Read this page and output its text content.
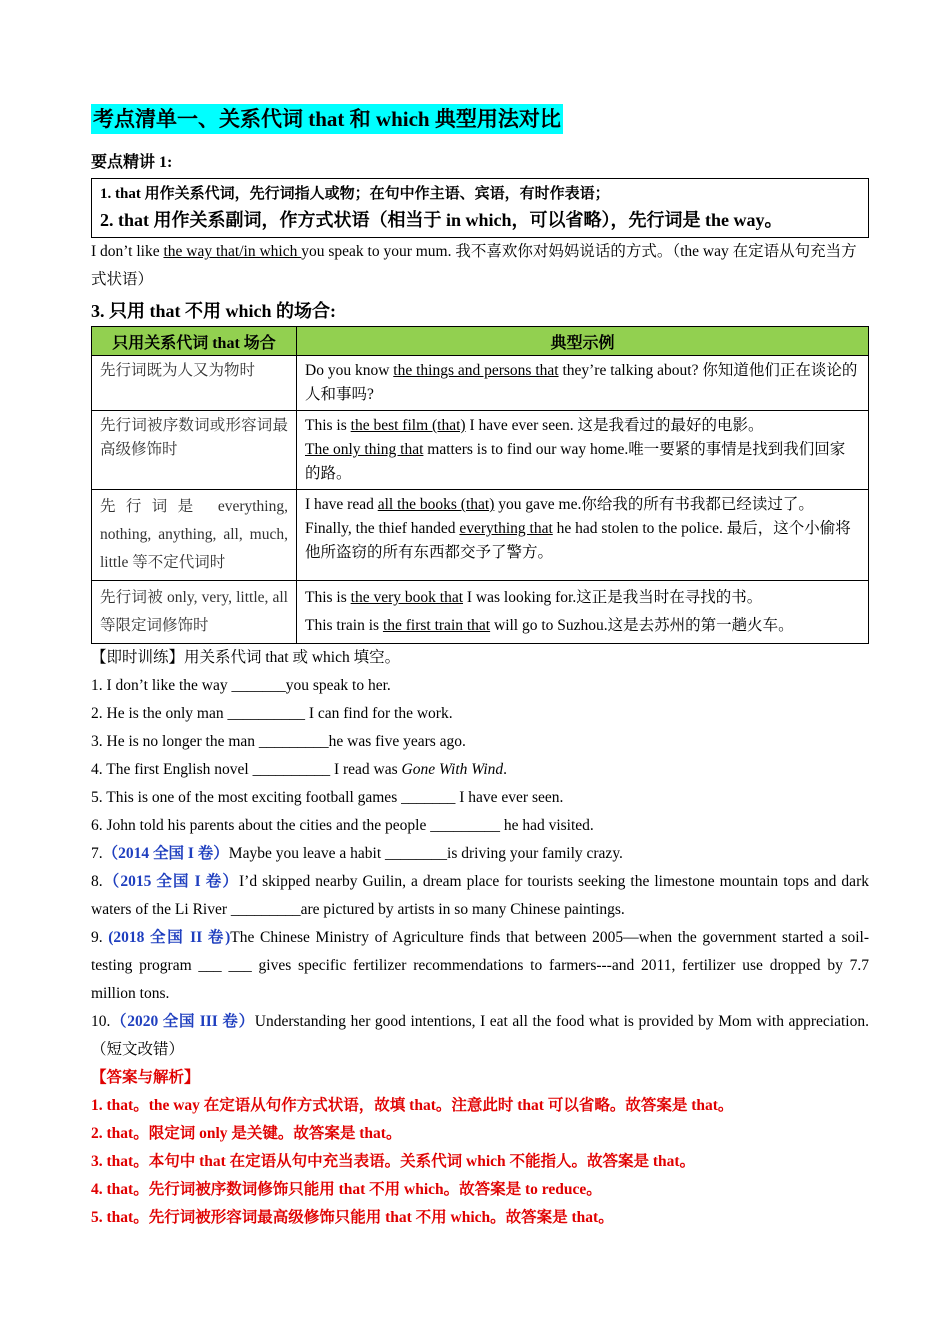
考点清单一、关系代词 that 和 which 典型用法对比
要点精讲 1:
1. that 用作关系代词，先行词指人或物；在句中作主语、宾语，有时作表语；
2. that 用作关系副词，作方式状语（相当于 in which，可以省略），先行词是 the way。
I don’t like the way that/in which you speak to your mum. 我不喜欢你对妈妈说话的方式。（the way 在定语从句充当方式状语）
3. 只用 that 不用 which 的场合:
只用关系代词 that 场合	典型示例
先行词既为人又为物时	Do you know the things and persons that they’re talking about? 你知道他们正在谈论的人和事吗?

先行词被序数词或形容词最高级修饰时	This is the best film (that) I have ever seen. 这是我看过的最好的电影。

The only thing that matters is to find our way home.唯一要紧的事情是找到我们回家的路。

先行词是 everything, nothing, anything, all, much, little 等不定代词时	I have read all the books (that) you gave me.你给我的所有书我都已经读过了。

Finally, the thief handed everything that he had stolen to the police. 最后，这个小偷将他所盗窃的所有东西都交予了警方。

先行词被 only, very, little, all 等限定词修饰时	This is the very book that I was looking for.这正是我当时在寻找的书。

This train is the first train that will go to Suzhou.这是去苏州的第一趟火车。

【即时训练】用关系代词 that 或 which 填空。
1. I don’t like the way _______you speak to her.
2. He is the only man __________ I can find for the work.
3. He is no longer the man _________he was five years ago.
4. The first English novel __________ I read was Gone With Wind.
5. This is one of the most exciting football games _______ I have ever seen.
6. John told his parents about the cities and the people _________ he had visited.
7.（2014 全国 I 卷）Maybe you leave a habit ________is driving your family crazy.
8.（2015 全国 I 卷）I’d skipped nearby Guilin, a dream place for tourists seeking the limestone mountain tops and dark waters of the Li River _________are pictured by artists in so many Chinese paintings.
9. (2018 全国 II 卷)The Chinese Ministry of Agriculture finds that between 2005—when the government started a soil-testing program ___ ___ gives specific fertilizer recommendations to farmers---and 2011, fertilizer use dropped by 7.7 million tons.
10.（2020 全国 III 卷）Understanding her good intentions, I eat all the food what is provided by Mom with appreciation. （短文改错）
【答案与解析】
1. that。the way 在定语从句作方式状语，故填 that。注意此时 that 可以省略。故答案是 that。
2. that。限定词 only 是关键。故答案是 that。
3. that。本句中 that 在定语从句中充当表语。关系代词 which 不能指人。故答案是 that。
4. that。先行词被序数词修饰只能用 that 不用 which。故答案是 to reduce。
5. that。先行词被形容词最高级修饰只能用 that 不用 which。故答案是 that。
